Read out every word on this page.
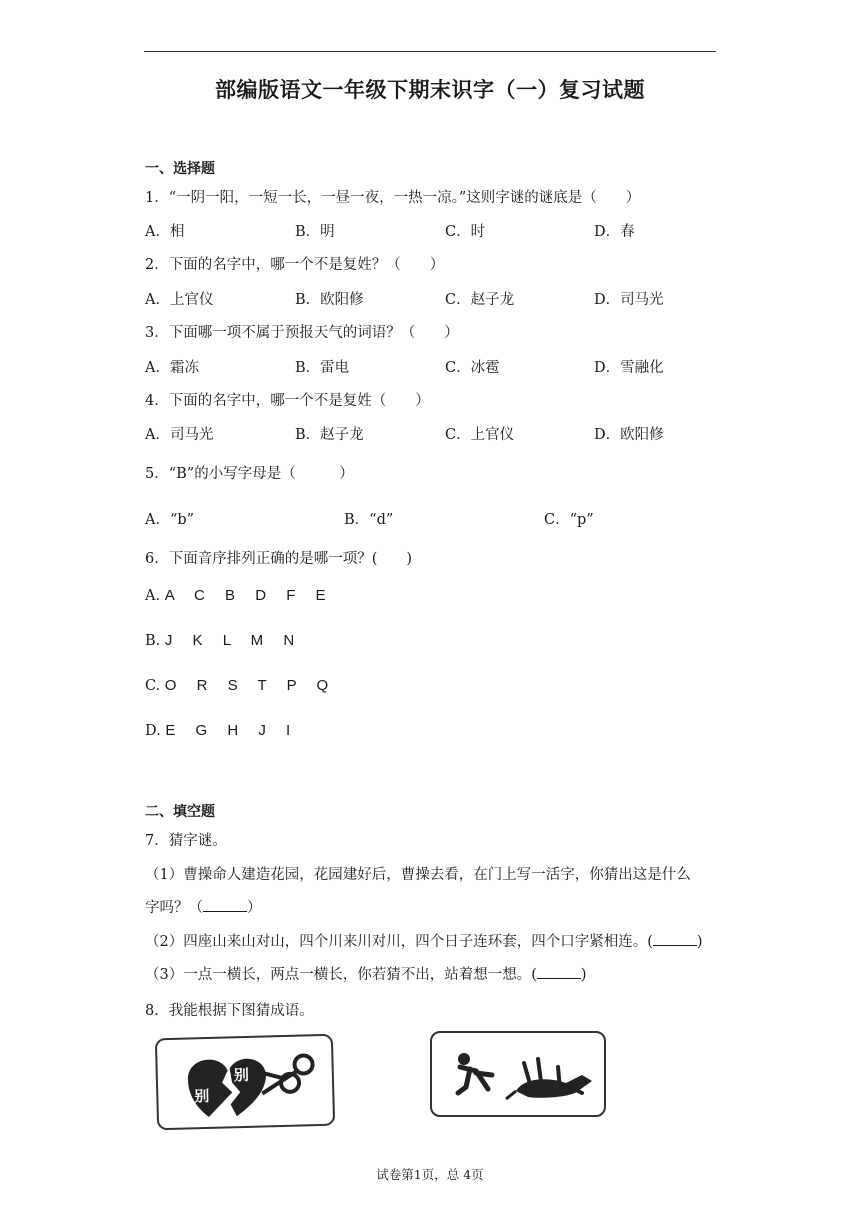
部编版语文一年级下期末识字（一）复习试题
一、选择题
1．“一阴一阳，一短一长，一昼一夜，一热一凉。”这则字谜的谜底是（　　）
A．相	B．明	C．时	D．春
2．下面的名字中，哪一个不是复姓？（　　）
A．上官仪	B．欧阳修	C．赵子龙	D．司马光
3．下面哪一项不属于预报天气的词语？（　　）
A．霜冻	B．雷电	C．冰雹	D．雪融化
4．下面的名字中，哪一个不是复姓（　　）
A．司马光	B．赵子龙	C．上官仪	D．欧阳修
5．“B”的小写字母是（　　　）
A．“b”	B．“d”	C．“p”
6．下面音序排列正确的是哪一项？(　　)
A. A C B D F E
B. J K L M N
C. O R S T P Q
D. E G H J I
二、填空题
7．猜字谜。
（1）曹操命人建造花园，花园建好后，曹操去看，在门上写一活字，你猜出这是什么
字吗？（	）
（2）四座山来山对山，四个川来川对川，四个日子连环套，四个口字紧相连。(	)
（3）一点一横长，两点一横长，你若猜不出，站着想一想。(	)
8．我能根据下图猜成语。
别
别
试卷第1页，总 4页
